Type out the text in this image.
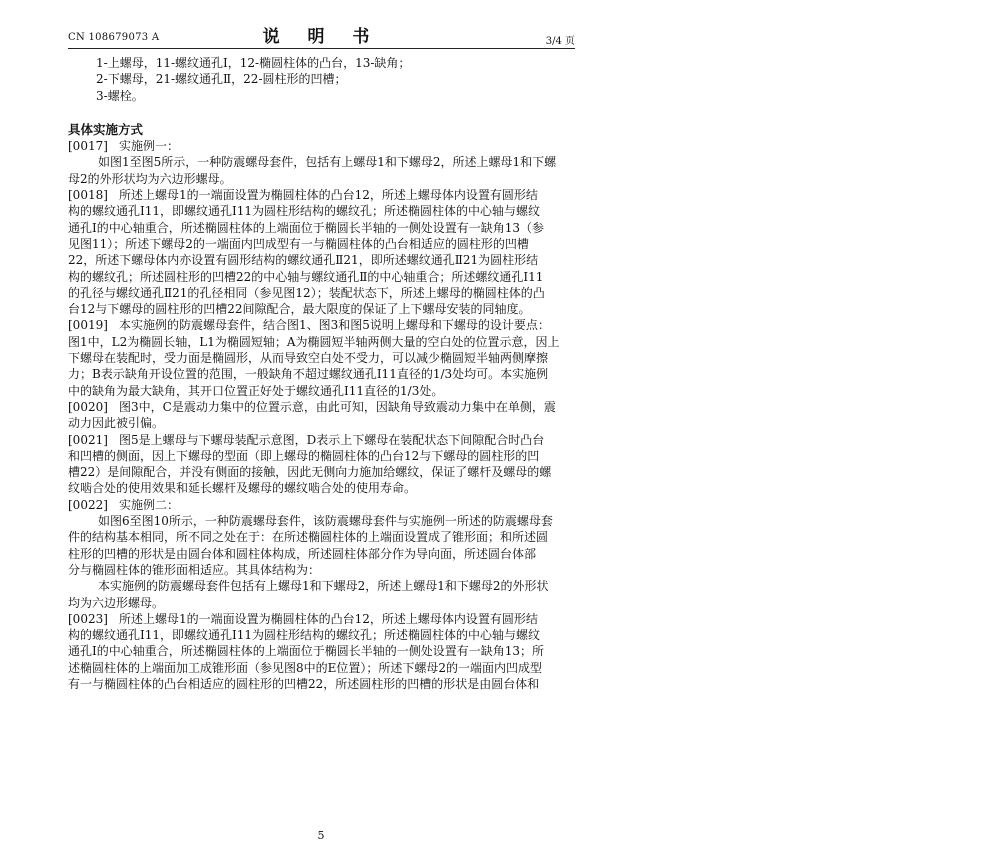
CN 108679073 A	说 明 书	3/4 页
1-上螺母，11-螺纹通孔Ⅰ，12-椭圆柱体的凸台，13-缺角；
2-下螺母，21-螺纹通孔Ⅱ，22-圆柱形的凹槽；
3-螺栓。
具体实施方式
[0017] 实施例一：
如图1至图5所示，一种防震螺母套件，包括有上螺母1和下螺母2，所述上螺母1和下螺
母2的外形状均为六边形螺母。
[0018] 所述上螺母1的一端面设置为椭圆柱体的凸台12，所述上螺母体内设置有圆形结
构的螺纹通孔Ⅰ11，即螺纹通孔Ⅰ11为圆柱形结构的螺纹孔；所述椭圆柱体的中心轴与螺纹
通孔Ⅰ的中心轴重合，所述椭圆柱体的上端面位于椭圆长半轴的一侧处设置有一缺角13（参
见图11）；所述下螺母2的一端面内凹成型有一与椭圆柱体的凸台相适应的圆柱形的凹槽
22，所述下螺母体内亦设置有圆形结构的螺纹通孔Ⅱ21，即所述螺纹通孔Ⅱ21为圆柱形结
构的螺纹孔；所述圆柱形的凹槽22的中心轴与螺纹通孔Ⅱ的中心轴重合；所述螺纹通孔Ⅰ11
的孔径与螺纹通孔Ⅱ21的孔径相同（参见图12）；装配状态下，所述上螺母的椭圆柱体的凸
台12与下螺母的圆柱形的凹槽22间隙配合，最大限度的保证了上下螺母安装的同轴度。
[0019] 本实施例的防震螺母套件，结合图1、图3和图5说明上螺母和下螺母的设计要点：
图1中，L2为椭圆长轴，L1为椭圆短轴；A为椭圆短半轴两侧大量的空白处的位置示意，因上
下螺母在装配时，受力面是椭圆形，从而导致空白处不受力，可以减少椭圆短半轴两侧摩擦
力；B表示缺角开设位置的范围，一般缺角不超过螺纹通孔Ⅰ11直径的1/3处均可。本实施例
中的缺角为最大缺角，其开口位置正好处于螺纹通孔Ⅰ11直径的1/3处。
[0020] 图3中，C是震动力集中的位置示意，由此可知，因缺角导致震动力集中在单侧，震
动力因此被引偏。
[0021] 图5是上螺母与下螺母装配示意图，D表示上下螺母在装配状态下间隙配合时凸台
和凹槽的侧面，因上下螺母的型面（即上螺母的椭圆柱体的凸台12与下螺母的圆柱形的凹
槽22）是间隙配合，并没有侧面的接触，因此无侧向力施加给螺纹，保证了螺杆及螺母的螺
纹啮合处的使用效果和延长螺杆及螺母的螺纹啮合处的使用寿命。
[0022] 实施例二：
如图6至图10所示，一种防震螺母套件，该防震螺母套件与实施例一所述的防震螺母套
件的结构基本相同，所不同之处在于：在所述椭圆柱体的上端面设置成了锥形面；和所述圆
柱形的凹槽的形状是由圆台体和圆柱体构成，所述圆柱体部分作为导向面，所述圆台体部
分与椭圆柱体的锥形面相适应。其具体结构为：
本实施例的防震螺母套件包括有上螺母1和下螺母2，所述上螺母1和下螺母2的外形状
均为六边形螺母。
[0023] 所述上螺母1的一端面设置为椭圆柱体的凸台12，所述上螺母体内设置有圆形结
构的螺纹通孔Ⅰ11，即螺纹通孔Ⅰ11为圆柱形结构的螺纹孔；所述椭圆柱体的中心轴与螺纹
通孔Ⅰ的中心轴重合，所述椭圆柱体的上端面位于椭圆长半轴的一侧处设置有一缺角13；所
述椭圆柱体的上端面加工成锥形面（参见图8中的E位置）；所述下螺母2的一端面内凹成型
有一与椭圆柱体的凸台相适应的圆柱形的凹槽22，所述圆柱形的凹槽的形状是由圆台体和
5
